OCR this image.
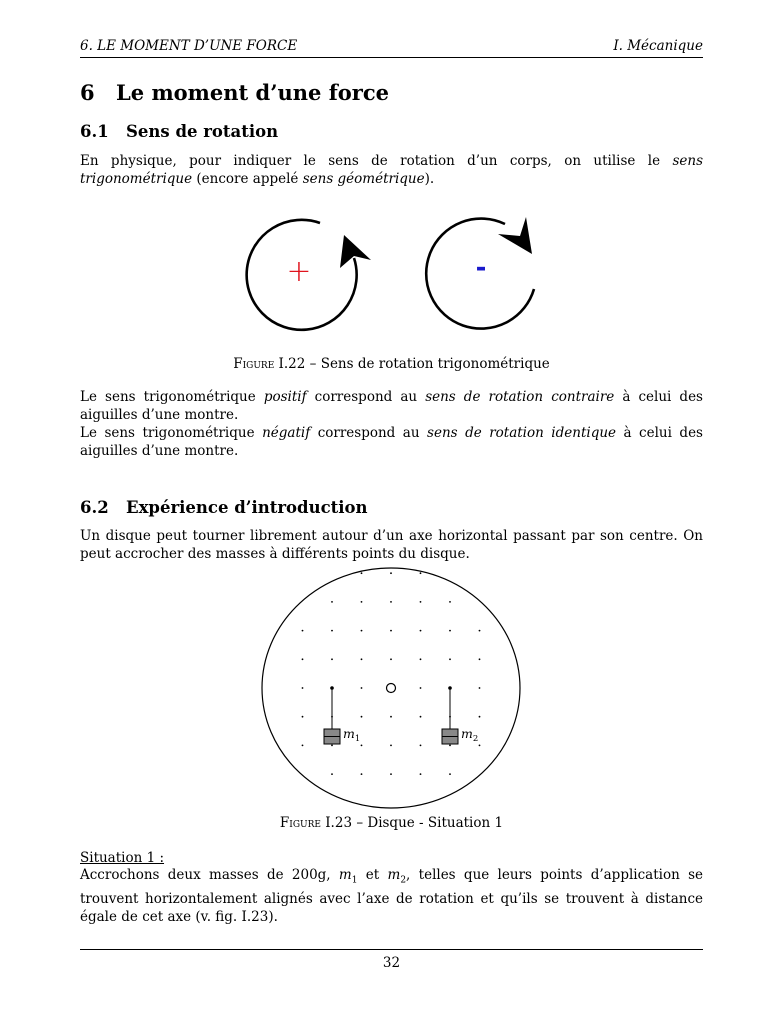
6. LE MOMENT D’UNE FORCE	I. Mécanique
6 Le moment d’une force
6.1 Sens de rotation

En physique, pour indiquer le sens de rotation d’un corps, on utilise le sens trigonométrique (encore appelé sens géométrique).

+	-
Figure I.22 – Sens de rotation trigonométrique

Le sens trigonométrique positif correspond au sens de rotation contraire à celui des aiguilles d’une montre.

Le sens trigonométrique négatif correspond au sens de rotation identique à celui des aiguilles d’une montre.

6.2 Expérience d’introduction

Un disque peut tourner librement autour d’un axe horizontal passant par son centre. On peut accrocher des masses à différents points du disque.

$m_1$	$m_2$
Figure I.23 – Disque - Situation 1

Situation 1 :

Accrochons deux masses de 200g, $m_1$ et $m_2$, telles que leurs points d’application se trouvent horizontalement alignés avec l’axe de rotation et qu’ils se trouvent à distance égale de cet axe (v. fig. I.23).

32
